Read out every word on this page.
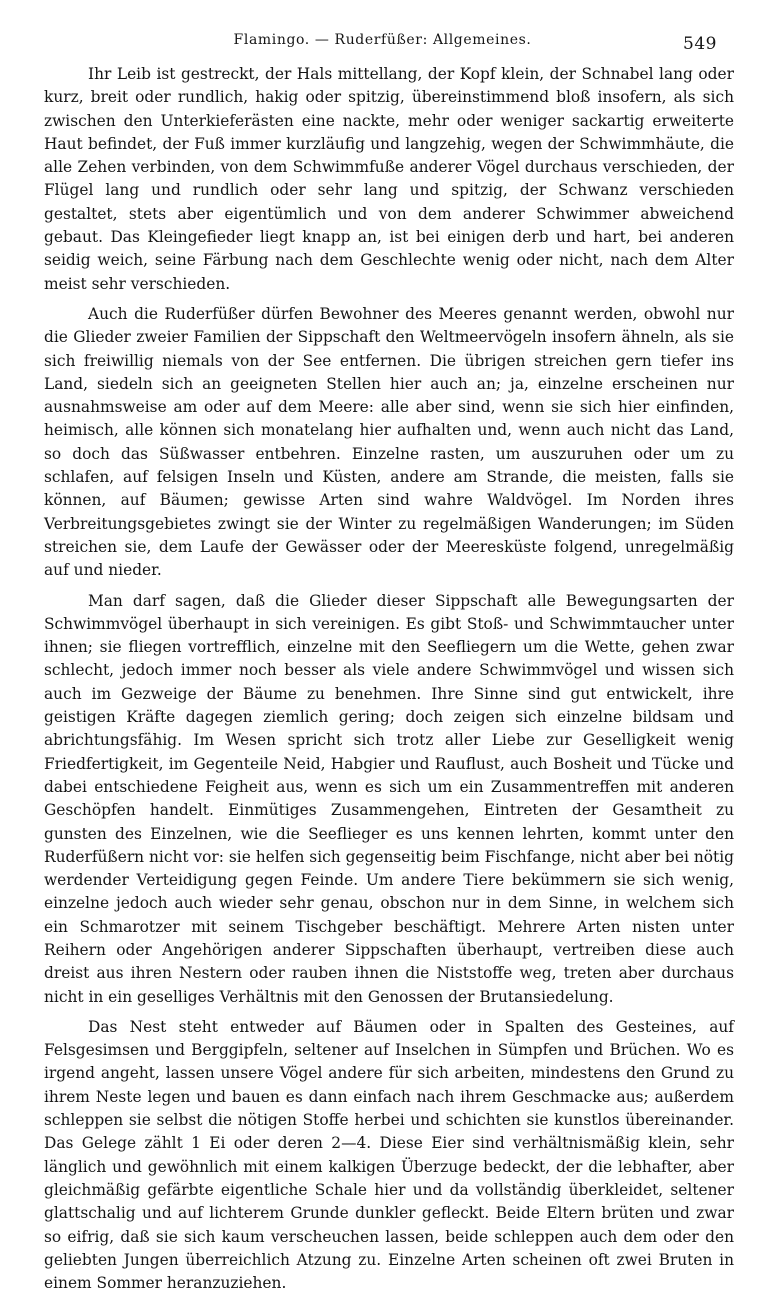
Flamingo. — Ruderfüßer: Allgemeines.	549

Ihr Leib ist gestreckt, der Hals mittellang, der Kopf klein, der Schnabel lang oder kurz, breit oder rundlich, hakig oder spitzig, übereinstimmend bloß insofern, als sich zwischen den Unterkieferästen eine nackte, mehr oder weniger sackartig erweiterte Haut befindet, der Fuß immer kurzläufig und langzehig, wegen der Schwimmhäute, die alle Zehen verbinden, von dem Schwimmfuße anderer Vögel durchaus verschieden, der Flügel lang und rundlich oder sehr lang und spitzig, der Schwanz verschieden gestaltet, stets aber eigentümlich und von dem anderer Schwimmer abweichend gebaut. Das Kleingefieder liegt knapp an, ist bei einigen derb und hart, bei anderen seidig weich, seine Färbung nach dem Geschlechte wenig oder nicht, nach dem Alter meist sehr verschieden.

Auch die Ruderfüßer dürfen Bewohner des Meeres genannt werden, obwohl nur die Glieder zweier Familien der Sippschaft den Weltmeervögeln insofern ähneln, als sie sich freiwillig niemals von der See entfernen. Die übrigen streichen gern tiefer ins Land, siedeln sich an geeigneten Stellen hier auch an; ja, einzelne erscheinen nur ausnahmsweise am oder auf dem Meere: alle aber sind, wenn sie sich hier einfinden, heimisch, alle können sich monatelang hier aufhalten und, wenn auch nicht das Land, so doch das Süßwasser entbehren. Einzelne rasten, um auszuruhen oder um zu schlafen, auf felsigen Inseln und Küsten, andere am Strande, die meisten, falls sie können, auf Bäumen; gewisse Arten sind wahre Waldvögel. Im Norden ihres Verbreitungsgebietes zwingt sie der Winter zu regelmäßigen Wanderungen; im Süden streichen sie, dem Laufe der Gewässer oder der Meeresküste folgend, unregelmäßig auf und nieder.

Man darf sagen, daß die Glieder dieser Sippschaft alle Bewegungsarten der Schwimmvögel überhaupt in sich vereinigen. Es gibt Stoß- und Schwimmtaucher unter ihnen; sie fliegen vortrefflich, einzelne mit den Seefliegern um die Wette, gehen zwar schlecht, jedoch immer noch besser als viele andere Schwimmvögel und wissen sich auch im Gezweige der Bäume zu benehmen. Ihre Sinne sind gut entwickelt, ihre geistigen Kräfte dagegen ziemlich gering; doch zeigen sich einzelne bildsam und abrichtungsfähig. Im Wesen spricht sich trotz aller Liebe zur Geselligkeit wenig Friedfertigkeit, im Gegenteile Neid, Habgier und Rauflust, auch Bosheit und Tücke und dabei entschiedene Feigheit aus, wenn es sich um ein Zusammentreffen mit anderen Geschöpfen handelt. Einmütiges Zusammengehen, Eintreten der Gesamtheit zu gunsten des Einzelnen, wie die Seeflieger es uns kennen lehrten, kommt unter den Ruderfüßern nicht vor: sie helfen sich gegenseitig beim Fischfange, nicht aber bei nötig werdender Verteidigung gegen Feinde. Um andere Tiere bekümmern sie sich wenig, einzelne jedoch auch wieder sehr genau, obschon nur in dem Sinne, in welchem sich ein Schmarotzer mit seinem Tischgeber beschäftigt. Mehrere Arten nisten unter Reihern oder Angehörigen anderer Sippschaften überhaupt, vertreiben diese auch dreist aus ihren Nestern oder rauben ihnen die Niststoffe weg, treten aber durchaus nicht in ein geselliges Verhältnis mit den Genossen der Brutansiedelung.

Das Nest steht entweder auf Bäumen oder in Spalten des Gesteines, auf Felsgesimsen und Berggipfeln, seltener auf Inselchen in Sümpfen und Brüchen. Wo es irgend angeht, lassen unsere Vögel andere für sich arbeiten, mindestens den Grund zu ihrem Neste legen und bauen es dann einfach nach ihrem Geschmacke aus; außerdem schleppen sie selbst die nötigen Stoffe herbei und schichten sie kunstlos übereinander. Das Gelege zählt 1 Ei oder deren 2—4. Diese Eier sind verhältnismäßig klein, sehr länglich und gewöhnlich mit einem kalkigen Überzuge bedeckt, der die lebhafter, aber gleichmäßig gefärbte eigentliche Schale hier und da vollständig überkleidet, seltener glattschalig und auf lichterem Grunde dunkler gefleckt. Beide Eltern brüten und zwar so eifrig, daß sie sich kaum verscheuchen lassen, beide schleppen auch dem oder den geliebten Jungen überreichlich Atzung zu. Einzelne Arten scheinen oft zwei Bruten in einem Sommer heranzuziehen.
